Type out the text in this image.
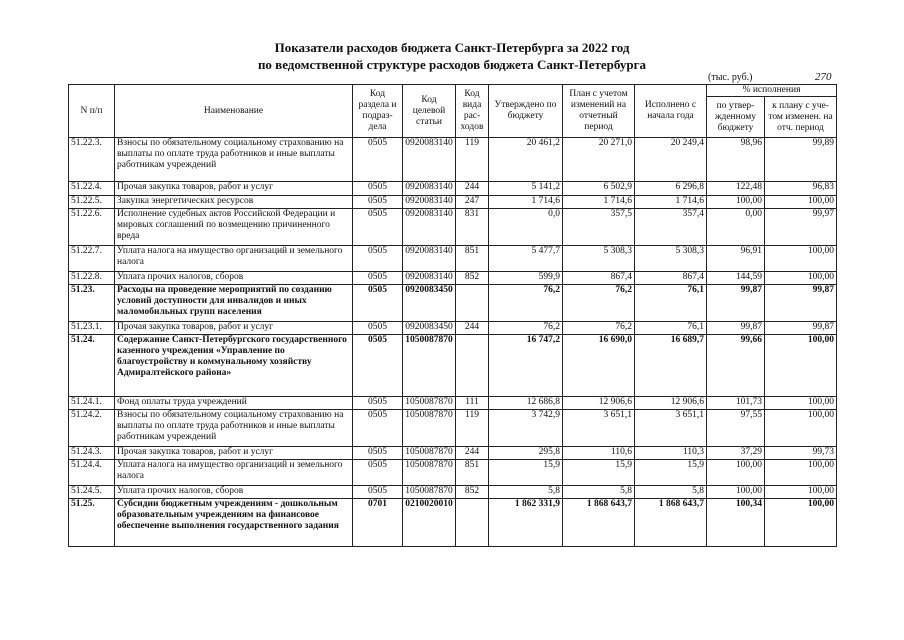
Показатели расходов бюджета Санкт-Петербурга за 2022 год
по ведомственной структуре расходов бюджета Санкт-Петербурга
(тыс. руб.)	270
N п/п	Наименование	Код раздела и подраз-дела	Код целевой статьи	Код вида рас-ходов	Утверждено по бюджету	План с учетом изменений на отчетный период	Исполнено с начала года	% исполнения	
								по утвер-жденному бюджету	к плану с уче-том изменен. на отч. период
51.22.3.	Взносы по обязательному социальному страхованию на выплаты по оплате труда работников и иные выплаты работникам учреждений	0505	0920083140	119	20 461,2	20 271,0	20 249,4	98,96	99,89
51.22.4.	Прочая закупка товаров, работ и услуг	0505	0920083140	244	5 141,2	6 502,9	6 296,8	122,48	96,83
51.22.5.	Закупка энергетических ресурсов	0505	0920083140	247	1 714,6	1 714,6	1 714,6	100,00	100,00
51.22.6.	Исполнение судебных актов Российской Федерации и мировых соглашений по возмещению причиненного вреда	0505	0920083140	831	0,0	357,5	357,4	0,00	99,97
51.22.7.	Уплата налога на имущество организаций и земельного налога	0505	0920083140	851	5 477,7	5 308,3	5 308,3	96,91	100,00
51.22.8.	Уплата прочих налогов, сборов	0505	0920083140	852	599,9	867,4	867,4	144,59	100,00
51.23.	Расходы на проведение мероприятий по созданию условий доступности для инвалидов и иных маломобильных групп населения	0505	0920083450		76,2	76,2	76,1	99,87	99,87
51.23.1.	Прочая закупка товаров, работ и услуг	0505	0920083450	244	76,2	76,2	76,1	99,87	99,87
51.24.	Содержание Санкт-Петербургского государственного казенного учреждения «Управление по благоустройству и коммунальному хозяйству Адмиралтейского района»	0505	1050087870		16 747,2	16 690,0	16 689,7	99,66	100,00
51.24.1.	Фонд оплаты труда учреждений	0505	1050087870	111	12 686,8	12 906,6	12 906,6	101,73	100,00
51.24.2.	Взносы по обязательному социальному страхованию на выплаты по оплате труда работников и иные выплаты работникам учреждений	0505	1050087870	119	3 742,9	3 651,1	3 651,1	97,55	100,00
51.24.3.	Прочая закупка товаров, работ и услуг	0505	1050087870	244	295,8	110,6	110,3	37,29	99,73
51.24.4.	Уплата налога на имущество организаций и земельного налога	0505	1050087870	851	15,9	15,9	15,9	100,00	100,00
51.24.5.	Уплата прочих налогов, сборов	0505	1050087870	852	5,8	5,8	5,8	100,00	100,00
51.25.	Субсидии бюджетным учреждениям - дошкольным образовательным учреждениям на финансовое обеспечение выполнения государственного задания	0701	0210020010		1 862 331,9	1 868 643,7	1 868 643,7	100,34	100,00
